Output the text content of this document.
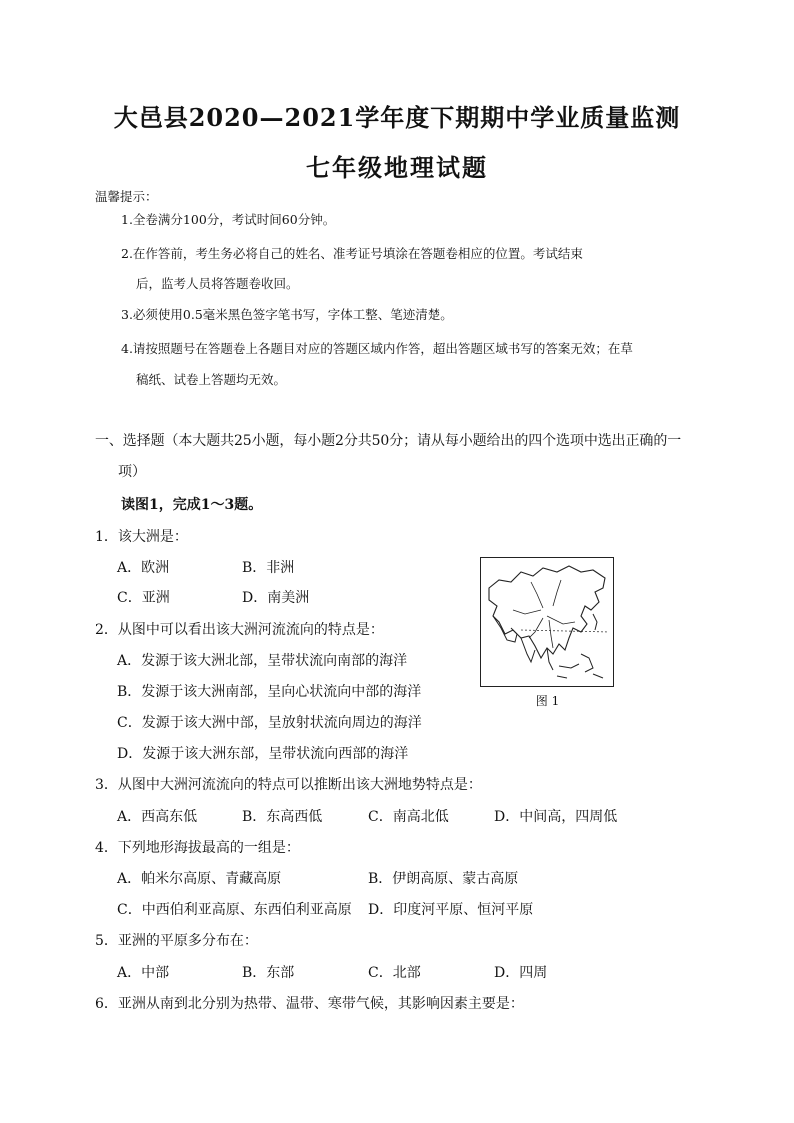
大邑县2020—2021学年度下期期中学业质量监测
七年级地理试题
温馨提示：
1.全卷满分100分，考试时间60分钟。
2.在作答前，考生务必将自己的姓名、准考证号填涂在答题卷相应的位置。考试结束
后，监考人员将答题卷收回。
3.必须使用0.5毫米黑色签字笔书写，字体工整、笔迹清楚。
4.请按照题号在答题卷上各题目对应的答题区域内作答，超出答题区域书写的答案无效；在草
稿纸、试卷上答题均无效。
一、选择题（本大题共25小题，每小题2分共50分；请从每小题给出的四个选项中选出正确的一
项）
读图1，完成1～3题。
1．该大洲是：
A．欧洲	B．非洲
C．亚洲	D．南美洲
图 1
2．从图中可以看出该大洲河流流向的特点是：
A．发源于该大洲北部，呈带状流向南部的海洋
B．发源于该大洲南部，呈向心状流向中部的海洋
C．发源于该大洲中部，呈放射状流向周边的海洋
D．发源于该大洲东部，呈带状流向西部的海洋
3．从图中大洲河流流向的特点可以推断出该大洲地势特点是：
A．西高东低	B．东高西低	C．南高北低	D．中间高，四周低
4．下列地形海拔最高的一组是：
A．帕米尔高原、青藏高原	B．伊朗高原、蒙古高原
C．中西伯利亚高原、东西伯利亚高原 D．印度河平原、恒河平原
5．亚洲的平原多分布在：
A．中部	B．东部	C．北部	D．四周
6．亚洲从南到北分别为热带、温带、寒带气候，其影响因素主要是：
